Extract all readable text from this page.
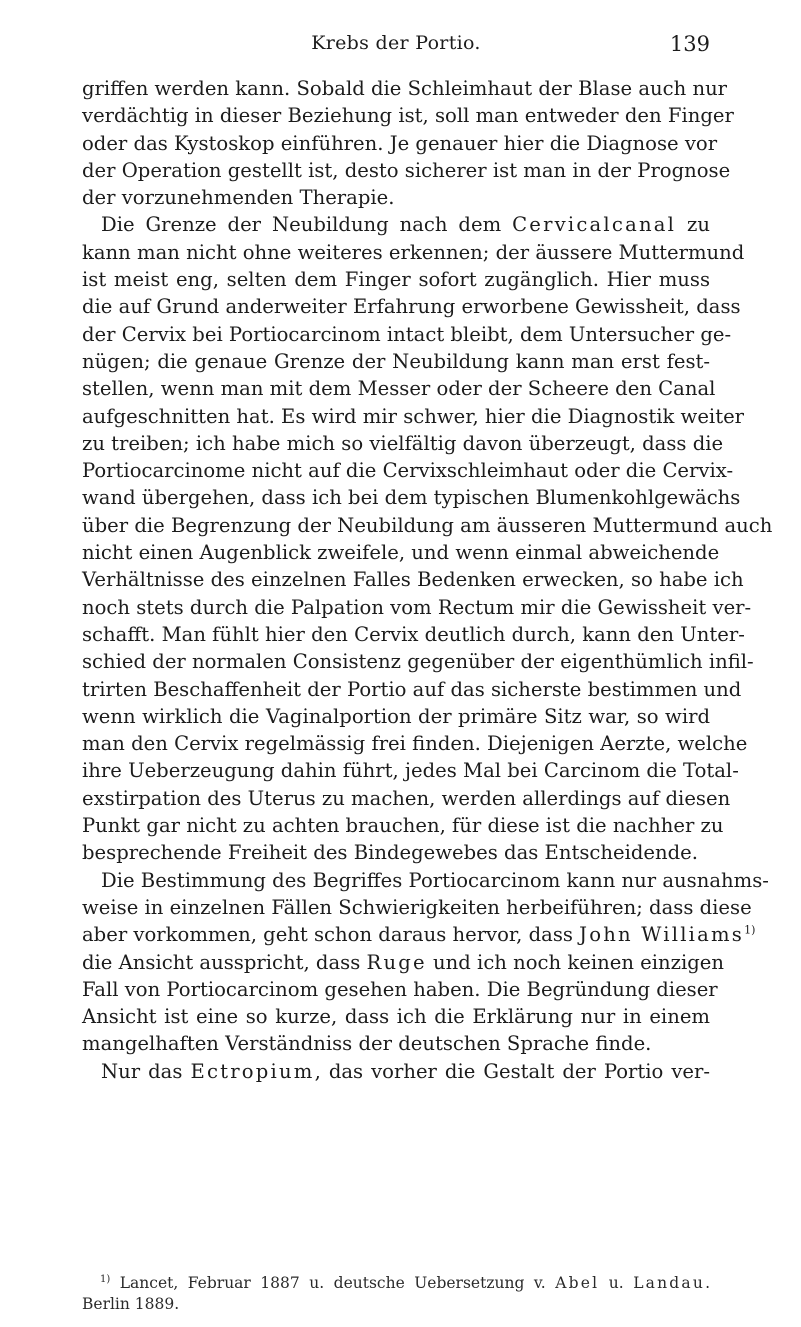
Krebs der Portio.	139
griffen werden kann. Sobald die Schleimhaut der Blase auch nur
verdächtig in dieser Beziehung ist, soll man entweder den Finger
oder das Kystoskop einführen. Je genauer hier die Diagnose vor
der Operation gestellt ist, desto sicherer ist man in der Prognose
der vorzunehmenden Therapie.
Die Grenze der Neubildung nach dem Cervicalcanal zu
kann man nicht ohne weiteres erkennen; der äussere Muttermund
ist meist eng, selten dem Finger sofort zugänglich. Hier muss
die auf Grund anderweiter Erfahrung erworbene Gewissheit, dass
der Cervix bei Portiocarcinom intact bleibt, dem Untersucher ge-
nügen; die genaue Grenze der Neubildung kann man erst fest-
stellen, wenn man mit dem Messer oder der Scheere den Canal
aufgeschnitten hat. Es wird mir schwer, hier die Diagnostik weiter
zu treiben; ich habe mich so vielfältig davon überzeugt, dass die
Portiocarcinome nicht auf die Cervixschleimhaut oder die Cervix-
wand übergehen, dass ich bei dem typischen Blumenkohlgewächs
über die Begrenzung der Neubildung am äusseren Muttermund auch
nicht einen Augenblick zweifele, und wenn einmal abweichende
Verhältnisse des einzelnen Falles Bedenken erwecken, so habe ich
noch stets durch die Palpation vom Rectum mir die Gewissheit ver-
schafft. Man fühlt hier den Cervix deutlich durch, kann den Unter-
schied der normalen Consistenz gegenüber der eigenthümlich infil-
trirten Beschaffenheit der Portio auf das sicherste bestimmen und
wenn wirklich die Vaginalportion der primäre Sitz war, so wird
man den Cervix regelmässig frei finden. Diejenigen Aerzte, welche
ihre Ueberzeugung dahin führt, jedes Mal bei Carcinom die Total-
exstirpation des Uterus zu machen, werden allerdings auf diesen
Punkt gar nicht zu achten brauchen, für diese ist die nachher zu
besprechende Freiheit des Bindegewebes das Entscheidende.
Die Bestimmung des Begriffes Portiocarcinom kann nur ausnahms-
weise in einzelnen Fällen Schwierigkeiten herbeiführen; dass diese
aber vorkommen, geht schon daraus hervor, dass John Williams$^{1)}$
die Ansicht ausspricht, dass Ruge und ich noch keinen einzigen
Fall von Portiocarcinom gesehen haben. Die Begründung dieser
Ansicht ist eine so kurze, dass ich die Erklärung nur in einem
mangelhaften Verständniss der deutschen Sprache finde.
Nur das Ectropium, das vorher die Gestalt der Portio ver-
$^{1)}$ Lancet, Februar 1887 u. deutsche Uebersetzung v. Abel u. Landau.
Berlin 1889.
